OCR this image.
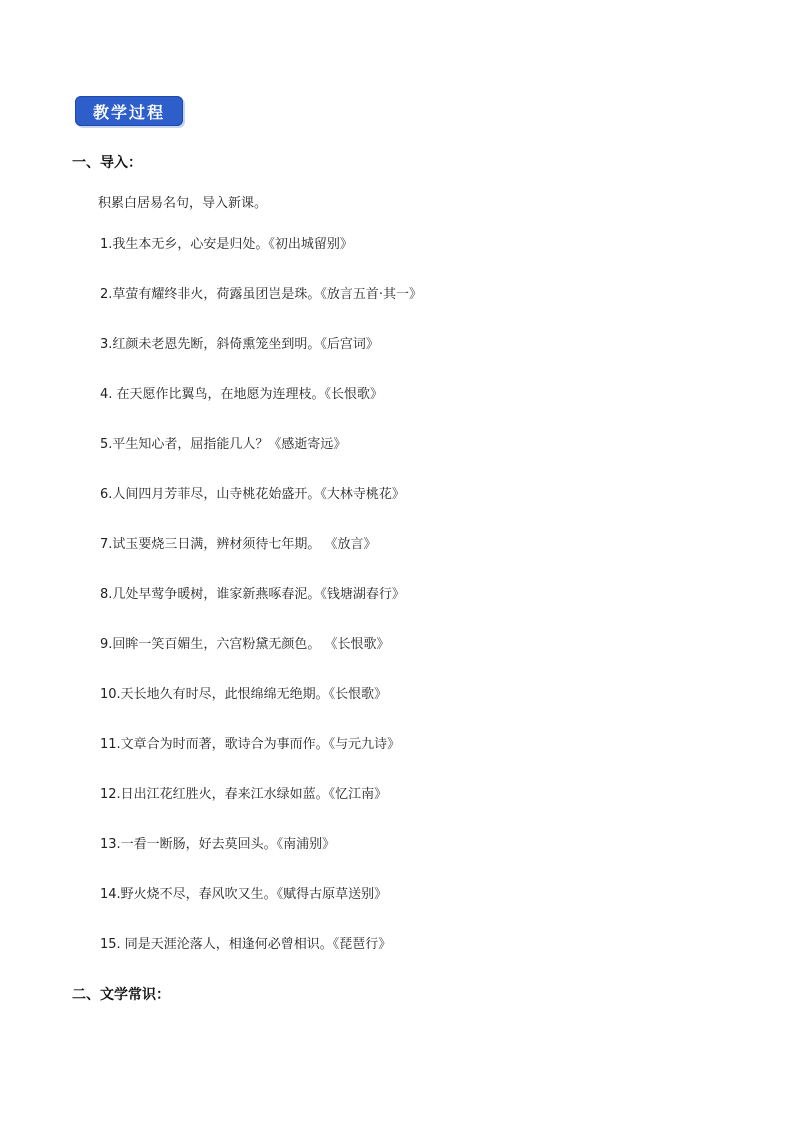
教学过程
一、导入：
积累白居易名句，导入新课。
1.我生本无乡，心安是归处。《初出城留别》
2.草萤有耀终非火，荷露虽团岂是珠。《放言五首·其一》
3.红颜未老恩先断，斜倚熏笼坐到明。《后宫词》
4. 在天愿作比翼鸟，在地愿为连理枝。《长恨歌》
5.平生知心者，屈指能几人？《感逝寄远》
6.人间四月芳菲尽，山寺桃花始盛开。《大林寺桃花》
7.试玉要烧三日满，辨材须待七年期。 《放言》
8.几处早莺争暖树，谁家新燕啄春泥。《钱塘湖春行》
9.回眸一笑百媚生，六宫粉黛无颜色。 《长恨歌》
10.天长地久有时尽，此恨绵绵无绝期。《长恨歌》
11.文章合为时而著，歌诗合为事而作。《与元九诗》
12.日出江花红胜火，春来江水绿如蓝。《忆江南》
13.一看一断肠，好去莫回头。《南浦别》
14.野火烧不尽，春风吹又生。《赋得古原草送别》
15. 同是天涯沦落人，相逢何必曾相识。《琵琶行》
二、文学常识：
